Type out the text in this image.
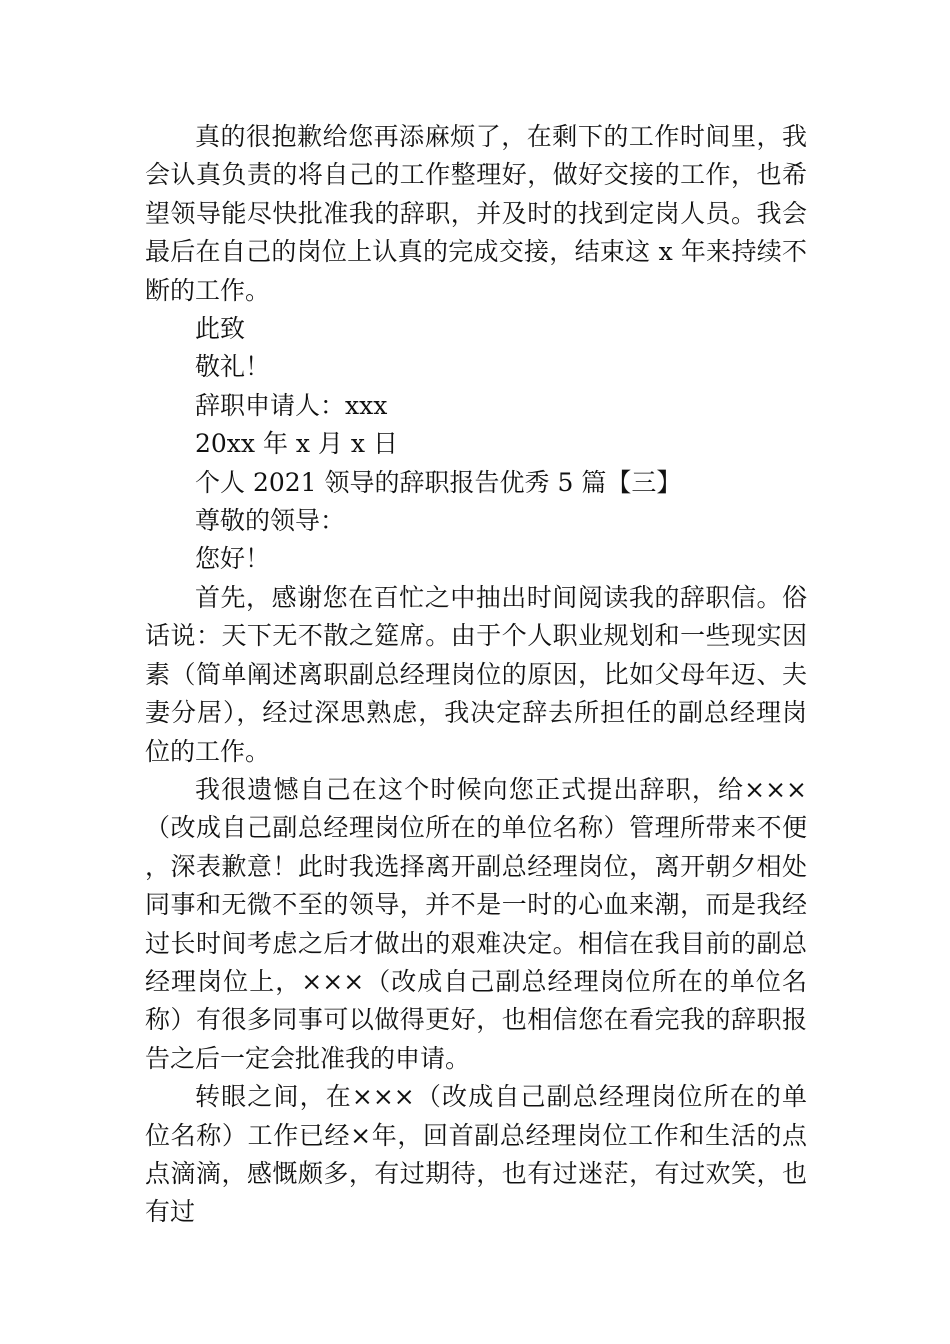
真的很抱歉给您再添麻烦了，在剩下的工作时间里，我会认真负责的将自己的工作整理好，做好交接的工作，也希望领导能尽快批准我的辞职，并及时的找到定岗人员。我会最后在自己的岗位上认真的完成交接，结束这 x 年来持续不断的工作。

此致

敬礼！

辞职申请人：xxx

20xx 年 x 月 x 日

个人 2021 领导的辞职报告优秀 5 篇【三】

尊敬的领导：

您好！

首先，感谢您在百忙之中抽出时间阅读我的辞职信。俗话说：天下无不散之筵席。由于个人职业规划和一些现实因素（简单阐述离职副总经理岗位的原因，比如父母年迈、夫妻分居），经过深思熟虑，我决定辞去所担任的副总经理岗位的工作。

我很遗憾自己在这个时候向您正式提出辞职，给×××（改成自己副总经理岗位所在的单位名称）管理所带来不便，深表歉意！此时我选择离开副总经理岗位，离开朝夕相处同事和无微不至的领导，并不是一时的心血来潮，而是我经过长时间考虑之后才做出的艰难决定。相信在我目前的副总经理岗位上，×××（改成自己副总经理岗位所在的单位名称）有很多同事可以做得更好，也相信您在看完我的辞职报告之后一定会批准我的申请。

转眼之间，在×××（改成自己副总经理岗位所在的单位名称）工作已经×年，回首副总经理岗位工作和生活的点点滴滴，感慨颇多，有过期待，也有过迷茫，有过欢笑，也有过
